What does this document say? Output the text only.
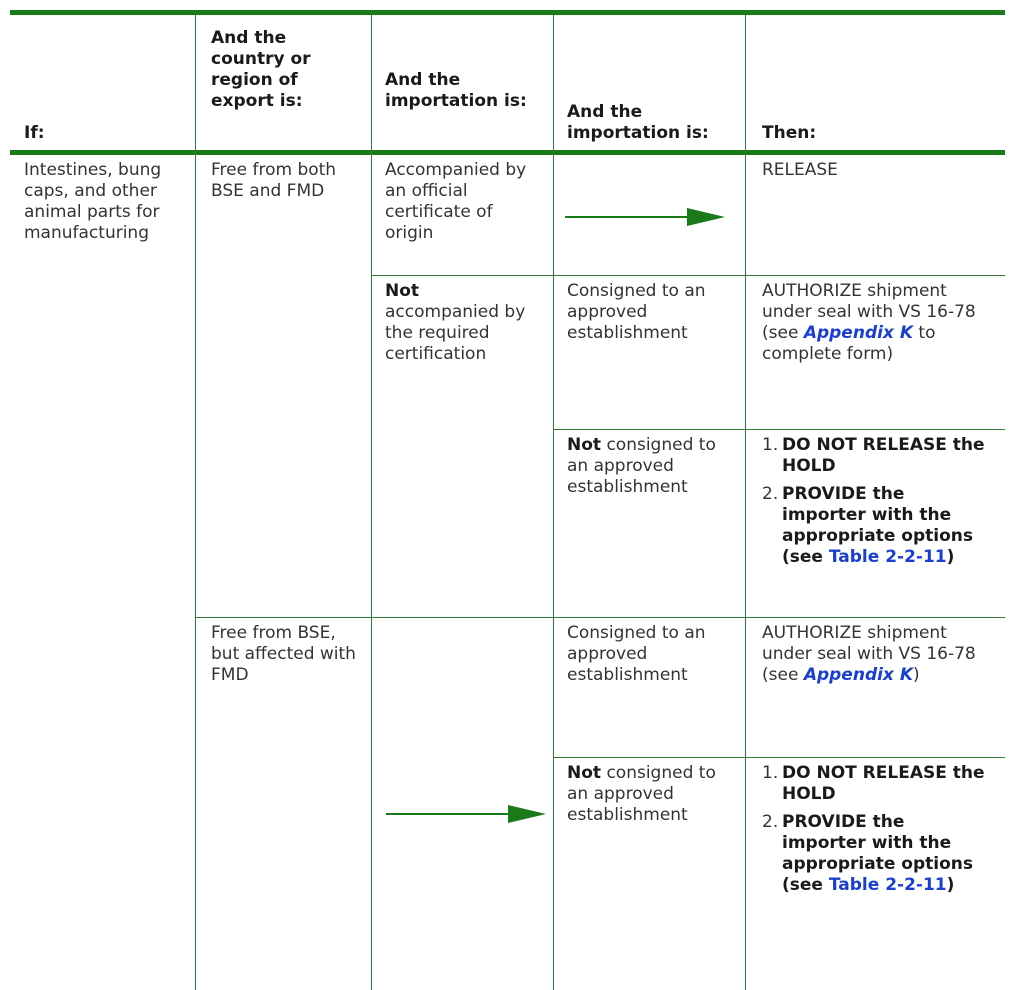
If:
And the country or region of export is:
And the importation is:
And the importation is:	Then:
Intestines, bung caps, and other animal parts for manufacturing
Free from both BSE and FMD
Free from BSE, but affected with FMD
Accompanied by an official certificate of origin
Not
accompanied by the required certification
Consigned to an approved establishment
Not consigned to an approved establishment
Consigned to an approved establishment
Not consigned to an approved establishment
RELEASE
AUTHORIZE shipment under seal with VS 16-78
(see Appendix K to complete form)
1. DO NOT RELEASE the HOLD
2. PROVIDE the importer with the appropriate options (see Table 2-2-11)
AUTHORIZE shipment under seal with VS 16-78
(see Appendix K)
1. DO NOT RELEASE the HOLD
2. PROVIDE the importer with the appropriate options (see Table 2-2-11)
